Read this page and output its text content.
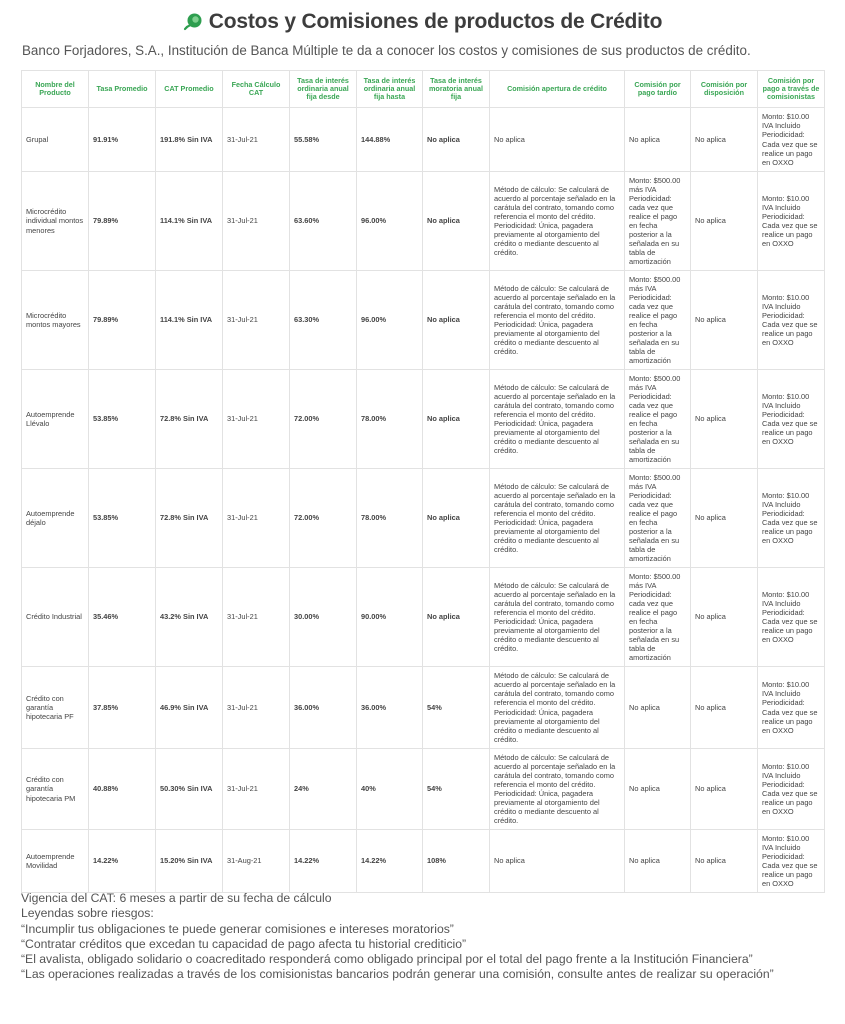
Costos y Comisiones de productos de Crédito
Banco Forjadores, S.A., Institución de Banca Múltiple te da a conocer los costos y comisiones de sus productos de crédito.
Nombre del Producto	Tasa Promedio	CAT Promedio	Fecha Cálculo CAT	Tasa de interés ordinaria anual fija desde	Tasa de interés ordinaria anual fija hasta	Tasa de interés moratoria anual fija	Comisión apertura de crédito	Comisión por pago tardío	Comisión por disposición	Comisión por pago a través de comisionistas
Grupal	91.91%	191.8% Sin IVA	31-Jul-21	55.58%	144.88%	No aplica	No aplica	No aplica	No aplica	Monto: $10.00 IVA Incluido Periodicidad: Cada vez que se realice un pago en OXXO
Microcrédito individual montos menores	79.89%	114.1% Sin IVA	31-Jul-21	63.60%	96.00%	No aplica	Método de cálculo: Se calculará de acuerdo al porcentaje señalado en la carátula del contrato, tomando como referencia el monto del crédito. Periodicidad: Única, pagadera previamente al otorgamiento del crédito o mediante descuento al crédito.	Monto: $500.00 más IVA Periodicidad: cada vez que realice el pago en fecha posterior a la señalada en su tabla de amortización	No aplica	Monto: $10.00 IVA Incluido Periodicidad: Cada vez que se realice un pago en OXXO
Microcrédito montos mayores	79.89%	114.1% Sin IVA	31-Jul-21	63.30%	96.00%	No aplica	Método de cálculo: Se calculará de acuerdo al porcentaje señalado en la carátula del contrato, tomando como referencia el monto del crédito. Periodicidad: Única, pagadera previamente al otorgamiento del crédito o mediante descuento al crédito.	Monto: $500.00 más IVA Periodicidad: cada vez que realice el pago en fecha posterior a la señalada en su tabla de amortización	No aplica	Monto: $10.00 IVA Incluido Periodicidad: Cada vez que se realice un pago en OXXO
Autoemprende Llévalo	53.85%	72.8% Sin IVA	31-Jul-21	72.00%	78.00%	No aplica	Método de cálculo: Se calculará de acuerdo al porcentaje señalado en la carátula del contrato, tomando como referencia el monto del crédito. Periodicidad: Única, pagadera previamente al otorgamiento del crédito o mediante descuento al crédito.	Monto: $500.00 más IVA Periodicidad: cada vez que realice el pago en fecha posterior a la señalada en su tabla de amortización	No aplica	Monto: $10.00 IVA Incluido Periodicidad: Cada vez que se realice un pago en OXXO
Autoemprende déjalo	53.85%	72.8% Sin IVA	31-Jul-21	72.00%	78.00%	No aplica	Método de cálculo: Se calculará de acuerdo al porcentaje señalado en la carátula del contrato, tomando como referencia el monto del crédito. Periodicidad: Única, pagadera previamente al otorgamiento del crédito o mediante descuento al crédito.	Monto: $500.00 más IVA Periodicidad: cada vez que realice el pago en fecha posterior a la señalada en su tabla de amortización	No aplica	Monto: $10.00 IVA Incluido Periodicidad: Cada vez que se realice un pago en OXXO
Crédito Industrial	35.46%	43.2% Sin IVA	31-Jul-21	30.00%	90.00%	No aplica	Método de cálculo: Se calculará de acuerdo al porcentaje señalado en la carátula del contrato, tomando como referencia el monto del crédito. Periodicidad: Única, pagadera previamente al otorgamiento del crédito o mediante descuento al crédito.	Monto: $500.00 más IVA Periodicidad: cada vez que realice el pago en fecha posterior a la señalada en su tabla de amortización	No aplica	Monto: $10.00 IVA Incluido Periodicidad: Cada vez que se realice un pago en OXXO
Crédito con garantía hipotecaria PF	37.85%	46.9% Sin IVA	31-Jul-21	36.00%	36.00%	54%	Método de cálculo: Se calculará de acuerdo al porcentaje señalado en la carátula del contrato, tomando como referencia el monto del crédito. Periodicidad: Única, pagadera previamente al otorgamiento del crédito o mediante descuento al crédito.	No aplica	No aplica	Monto: $10.00 IVA Incluido Periodicidad: Cada vez que se realice un pago en OXXO
Crédito con garantía hipotecaria PM	40.88%	50.30% Sin IVA	31-Jul-21	24%	40%	54%	Método de cálculo: Se calculará de acuerdo al porcentaje señalado en la carátula del contrato, tomando como referencia el monto del crédito. Periodicidad: Única, pagadera previamente al otorgamiento del crédito o mediante descuento al crédito.	No aplica	No aplica	Monto: $10.00 IVA Incluido Periodicidad: Cada vez que se realice un pago en OXXO
Autoemprende Movilidad	14.22%	15.20% Sin IVA	31-Aug-21	14.22%	14.22%	108%	No aplica	No aplica	No aplica	Monto: $10.00 IVA Incluido Periodicidad: Cada vez que se realice un pago en OXXO
Vigencia del CAT: 6 meses a partir de su fecha de cálculo
Leyendas sobre riesgos:
“Incumplir tus obligaciones te puede generar comisiones e intereses moratorios”
“Contratar créditos que excedan tu capacidad de pago afecta tu historial crediticio”
“El avalista, obligado solidario o coacreditado responderá como obligado principal por el total del pago frente a la Institución Financiera”
“Las operaciones realizadas a través de los comisionistas bancarios podrán generar una comisión, consulte antes de realizar su operación”
